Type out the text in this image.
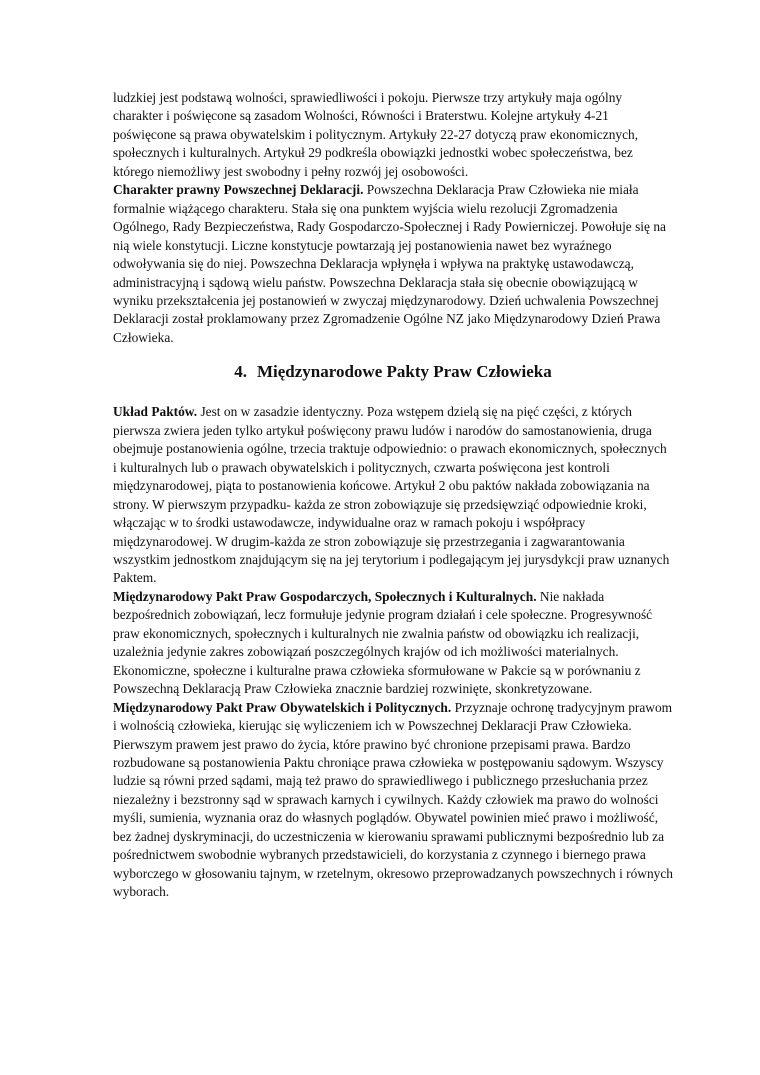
ludzkiej jest podstawą wolności, sprawiedliwości i pokoju. Pierwsze trzy artykuły maja ogólny charakter i poświęcone są zasadom Wolności, Równości i Braterstwu. Kolejne artykuły 4-21 poświęcone są prawa obywatelskim i politycznym. Artykuły 22-27 dotyczą praw ekonomicznych, społecznych i kulturalnych. Artykuł 29 podkreśla obowiązki jednostki wobec społeczeństwa, bez którego niemożliwy jest swobodny i pełny rozwój jej osobowości.

Charakter prawny Powszechnej Deklaracji. Powszechna Deklaracja Praw Człowieka nie miała formalnie wiążącego charakteru. Stała się ona punktem wyjścia wielu rezolucji Zgromadzenia Ogólnego, Rady Bezpieczeństwa, Rady Gospodarczo-Społecznej i Rady Powierniczej. Powołuje się na nią wiele konstytucji. Liczne konstytucje powtarzają jej postanowienia nawet bez wyraźnego odwoływania się do niej. Powszechna Deklaracja wpłynęła i wpływa na praktykę ustawodawczą, administracyjną i sądową wielu państw. Powszechna Deklaracja stała się obecnie obowiązującą w wyniku przekształcenia jej postanowień w zwyczaj międzynarodowy. Dzień uchwalenia Powszechnej Deklaracji został proklamowany przez Zgromadzenie Ogólne NZ jako Międzynarodowy Dzień Prawa Człowieka.

4. Międzynarodowe Pakty Praw Człowieka

Układ Paktów. Jest on w zasadzie identyczny. Poza wstępem dzielą się na pięć części, z których pierwsza zwiera jeden tylko artykuł poświęcony prawu ludów i narodów do samostanowienia, druga obejmuje postanowienia ogólne, trzecia traktuje odpowiednio: o prawach ekonomicznych, społecznych i kulturalnych lub o prawach obywatelskich i politycznych, czwarta poświęcona jest kontroli międzynarodowej, piąta to postanowienia końcowe. Artykuł 2 obu paktów nakłada zobowiązania na strony. W pierwszym przypadku- każda ze stron zobowiązuje się przedsięwziąć odpowiednie kroki, włączając w to środki ustawodawcze, indywidualne oraz w ramach pokoju i współpracy międzynarodowej. W drugim-każda ze stron zobowiązuje się przestrzegania i zagwarantowania wszystkim jednostkom znajdującym się na jej terytorium i podlegającym jej jurysdykcji praw uznanych Paktem.

Międzynarodowy Pakt Praw Gospodarczych, Społecznych i Kulturalnych. Nie nakłada bezpośrednich zobowiązań, lecz formułuje jedynie program działań i cele społeczne. Progresywność praw ekonomicznych, społecznych i kulturalnych nie zwalnia państw od obowiązku ich realizacji, uzależnia jedynie zakres zobowiązań poszczególnych krajów od ich możliwości materialnych. Ekonomiczne, społeczne i kulturalne prawa człowieka sformułowane w Pakcie są w porównaniu z Powszechną Deklaracją Praw Człowieka znacznie bardziej rozwinięte, skonkretyzowane.

Międzynarodowy Pakt Praw Obywatelskich i Politycznych. Przyznaje ochronę tradycyjnym prawom i wolnością człowieka, kierując się wyliczeniem ich w Powszechnej Deklaracji Praw Człowieka. Pierwszym prawem jest prawo do życia, które prawino być chronione przepisami prawa. Bardzo rozbudowane są postanowienia Paktu chroniące prawa człowieka w postępowaniu sądowym. Wszyscy ludzie są równi przed sądami, mają też prawo do sprawiedliwego i publicznego przesłuchania przez niezależny i bezstronny sąd w sprawach karnych i cywilnych. Każdy człowiek ma prawo do wolności myśli, sumienia, wyznania oraz do własnych poglądów. Obywatel powinien mieć prawo i możliwość, bez żadnej dyskryminacji, do uczestniczenia w kierowaniu sprawami publicznymi bezpośrednio lub za pośrednictwem swobodnie wybranych przedstawicieli, do korzystania z czynnego i biernego prawa wyborczego w głosowaniu tajnym, w rzetelnym, okresowo przeprowadzanych powszechnych i równych wyborach.
